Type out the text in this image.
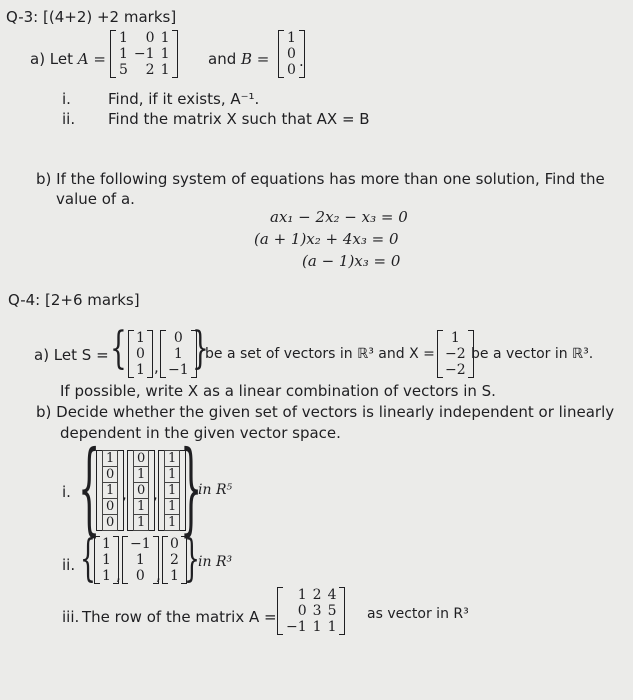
Q-3: [(4+2) +2 marks]
a) Let A =
1	0	1
1	−1	1
5	2	1
and B =
1
0
0 .
i. Find, if it exists, A⁻¹.
ii. Find the matrix X such that AX = B
b) If the following system of equations has more than one solution, Find the
value of a.
ax₁ − 2x₂ − x₃ = 0
(a + 1)x₂ + 4x₃ = 0
(a − 1)x₃ = 0
Q-4: [2+6 marks]
a) Let S = { 1
0
1 ,
0
1
−1 }
be a set of vectors in ℝ³ and X =
1
−2
−2
be a vector in ℝ³.
If possible, write X as a linear combination of vectors in S.
b) Decide whether the given set of vectors is linearly independent or linearly
dependent in the given vector space.
i. { 1
0
1
0
0
,
0
1
0
1
1
,
1
1
1
1
1 }
in R⁵
ii. { 1
1
1 ,
−1
1
0 ,
0
2
1 }
in R³
iii. The row of the matrix A =
1	2	4
0	3	5
−1	1	1
as vector in R³
